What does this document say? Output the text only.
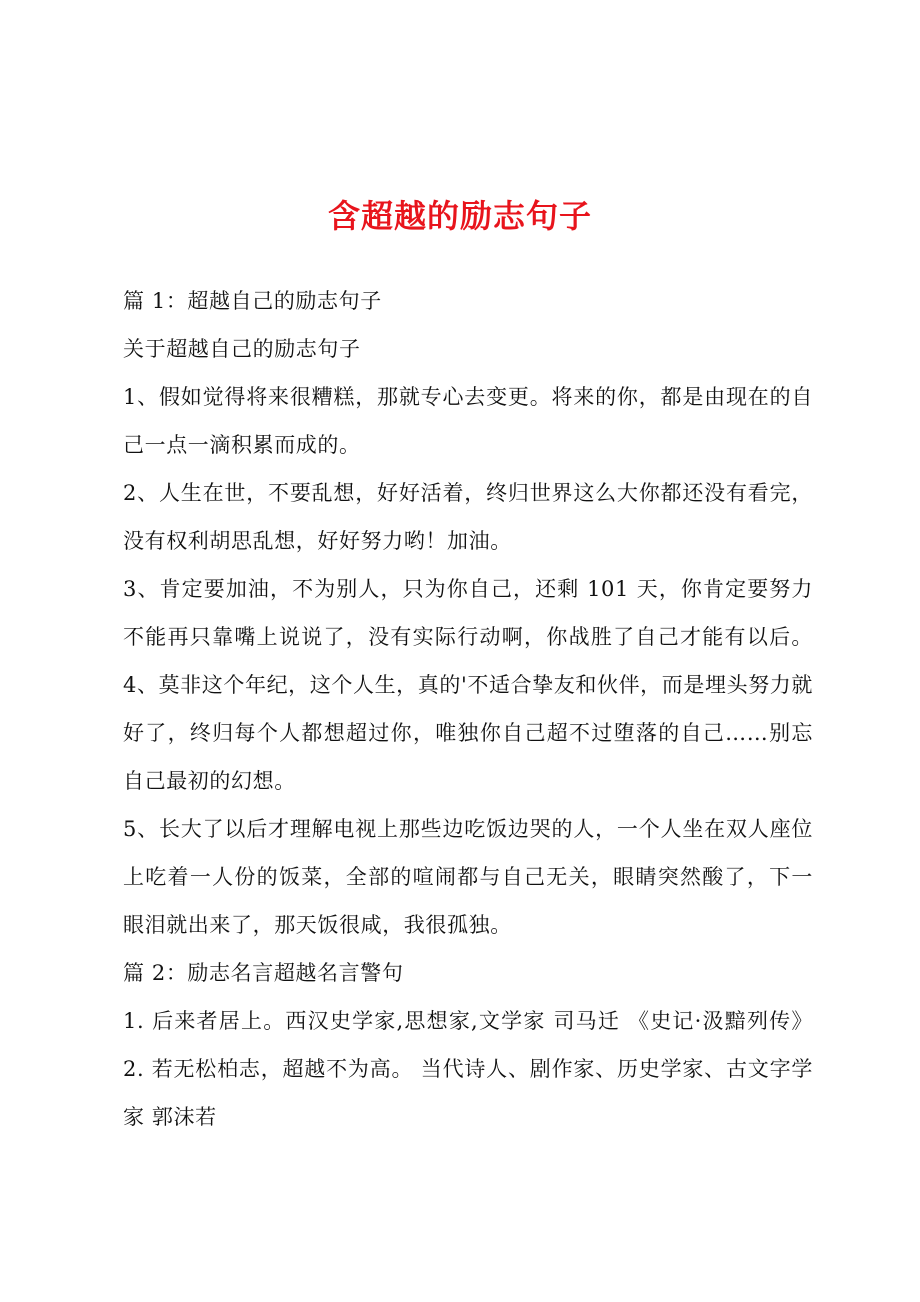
含超越的励志句子
篇 1：超越自己的励志句子
关于超越自己的励志句子
1、假如觉得将来很糟糕，那就专心去变更。将来的你，都是由现在的自
己一点一滴积累而成的。
2、人生在世，不要乱想，好好活着，终归世界这么大你都还没有看完，
没有权利胡思乱想，好好努力哟！加油。
3、肯定要加油，不为别人，只为你自己，还剩 101 天，你肯定要努力
不能再只靠嘴上说说了，没有实际行动啊，你战胜了自己才能有以后。
4、莫非这个年纪，这个人生，真的'不适合挚友和伙伴，而是埋头努力就
好了，终归每个人都想超过你，唯独你自己超不过堕落的自己……别忘
自己最初的幻想。
5、长大了以后才理解电视上那些边吃饭边哭的人，一个人坐在双人座位
上吃着一人份的饭菜，全部的喧闹都与自己无关，眼睛突然酸了，下一
眼泪就出来了，那天饭很咸，我很孤独。
篇 2：励志名言超越名言警句
1. 后来者居上。西汉史学家,思想家,文学家 司马迁 《史记·汲黯列传》
2. 若无松柏志，超越不为高。 当代诗人、剧作家、历史学家、古文字学
家 郭沫若
